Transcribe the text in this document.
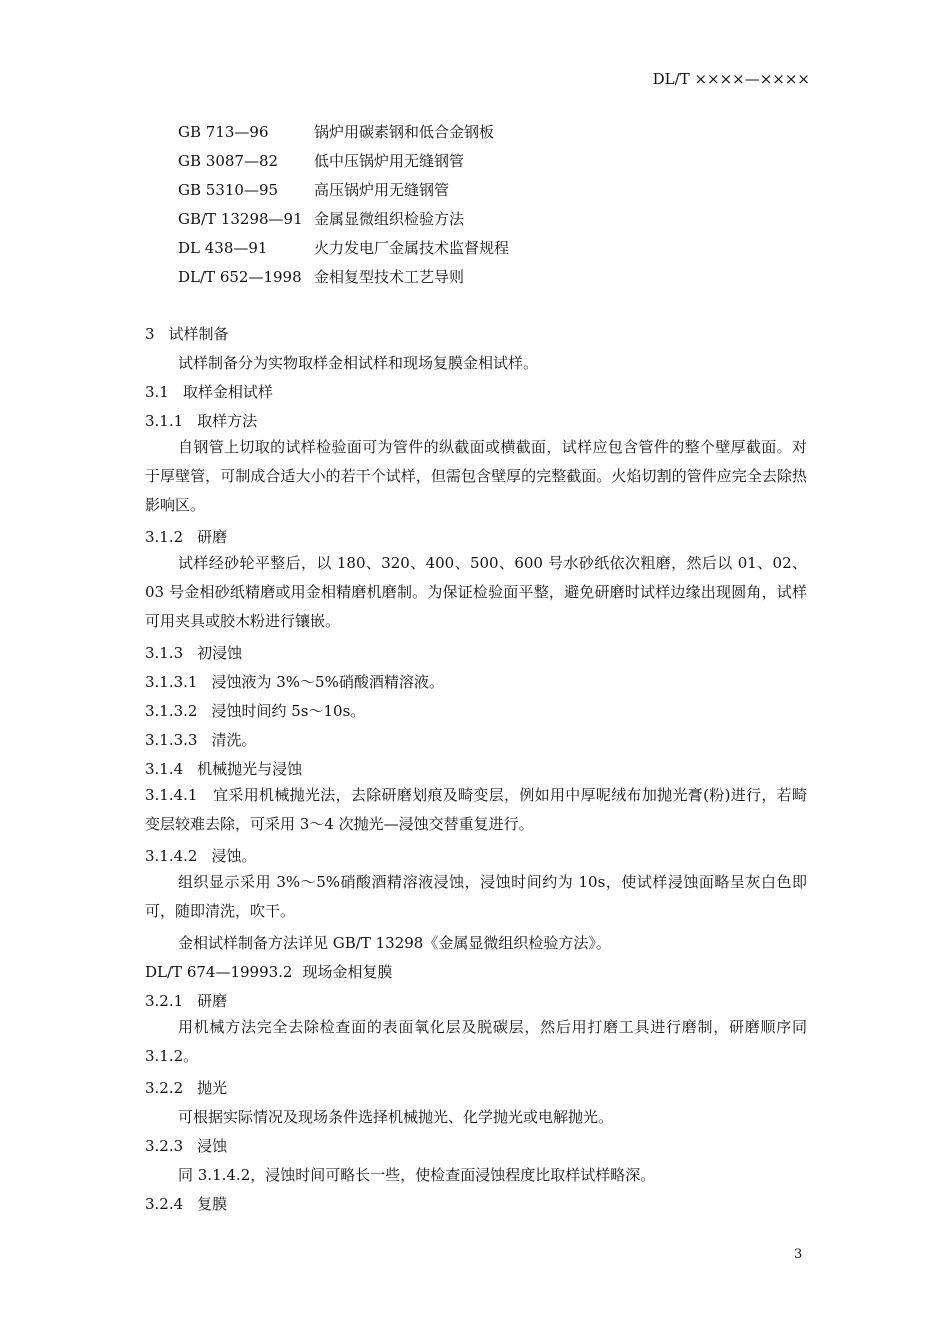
DL/T ××××—××××
GB 713—96	锅炉用碳素钢和低合金钢板
GB 3087—82 低中压锅炉用无缝钢管
GB 5310—95 高压锅炉用无缝钢管
GB/T 13298—91 金属显微组织检验方法
DL 438—91	火力发电厂金属技术监督规程
DL/T 652—1998 金相复型技术工艺导则
3 试样制备
试样制备分为实物取样金相试样和现场复膜金相试样。
3.1 取样金相试样
3.1.1 取样方法
自钢管上切取的试样检验面可为管件的纵截面或横截面，试样应包含管件的整个壁厚截面。对于厚壁管，可制成合适大小的若干个试样，但需包含壁厚的完整截面。火焰切割的管件应完全去除热影响区。
3.1.2 研磨
试样经砂轮平整后，以 180、320、400、500、600 号水砂纸依次粗磨，然后以 01、02、03 号金相砂纸精磨或用金相精磨机磨制。为保证检验面平整，避免研磨时试样边缘出现圆角，试样可用夹具或胶木粉进行镶嵌。
3.1.3 初浸蚀
3.1.3.1 浸蚀液为 3%～5%硝酸酒精溶液。
3.1.3.2 浸蚀时间约 5s～10s。
3.1.3.3 清洗。
3.1.4 机械抛光与浸蚀
3.1.4.1　宜采用机械抛光法，去除研磨划痕及畸变层，例如用中厚呢绒布加抛光膏(粉)进行，若畸变层较难去除，可采用 3～4 次抛光—浸蚀交替重复进行。
3.1.4.2 浸蚀。
组织显示采用 3%～5%硝酸酒精溶液浸蚀，浸蚀时间约为 10s，使试样浸蚀面略呈灰白色即可，随即清洗，吹干。
金相试样制备方法详见 GB/T 13298《金属显微组织检验方法》。
DL/T 674—19993.2 现场金相复膜
3.2.1 研磨
用机械方法完全去除检查面的表面氧化层及脱碳层，然后用打磨工具进行磨制，研磨顺序同 3.1.2。
3.2.2 抛光
可根据实际情况及现场条件选择机械抛光、化学抛光或电解抛光。
3.2.3 浸蚀
同 3.1.4.2，浸蚀时间可略长一些，使检查面浸蚀程度比取样试样略深。
3.2.4 复膜
3
